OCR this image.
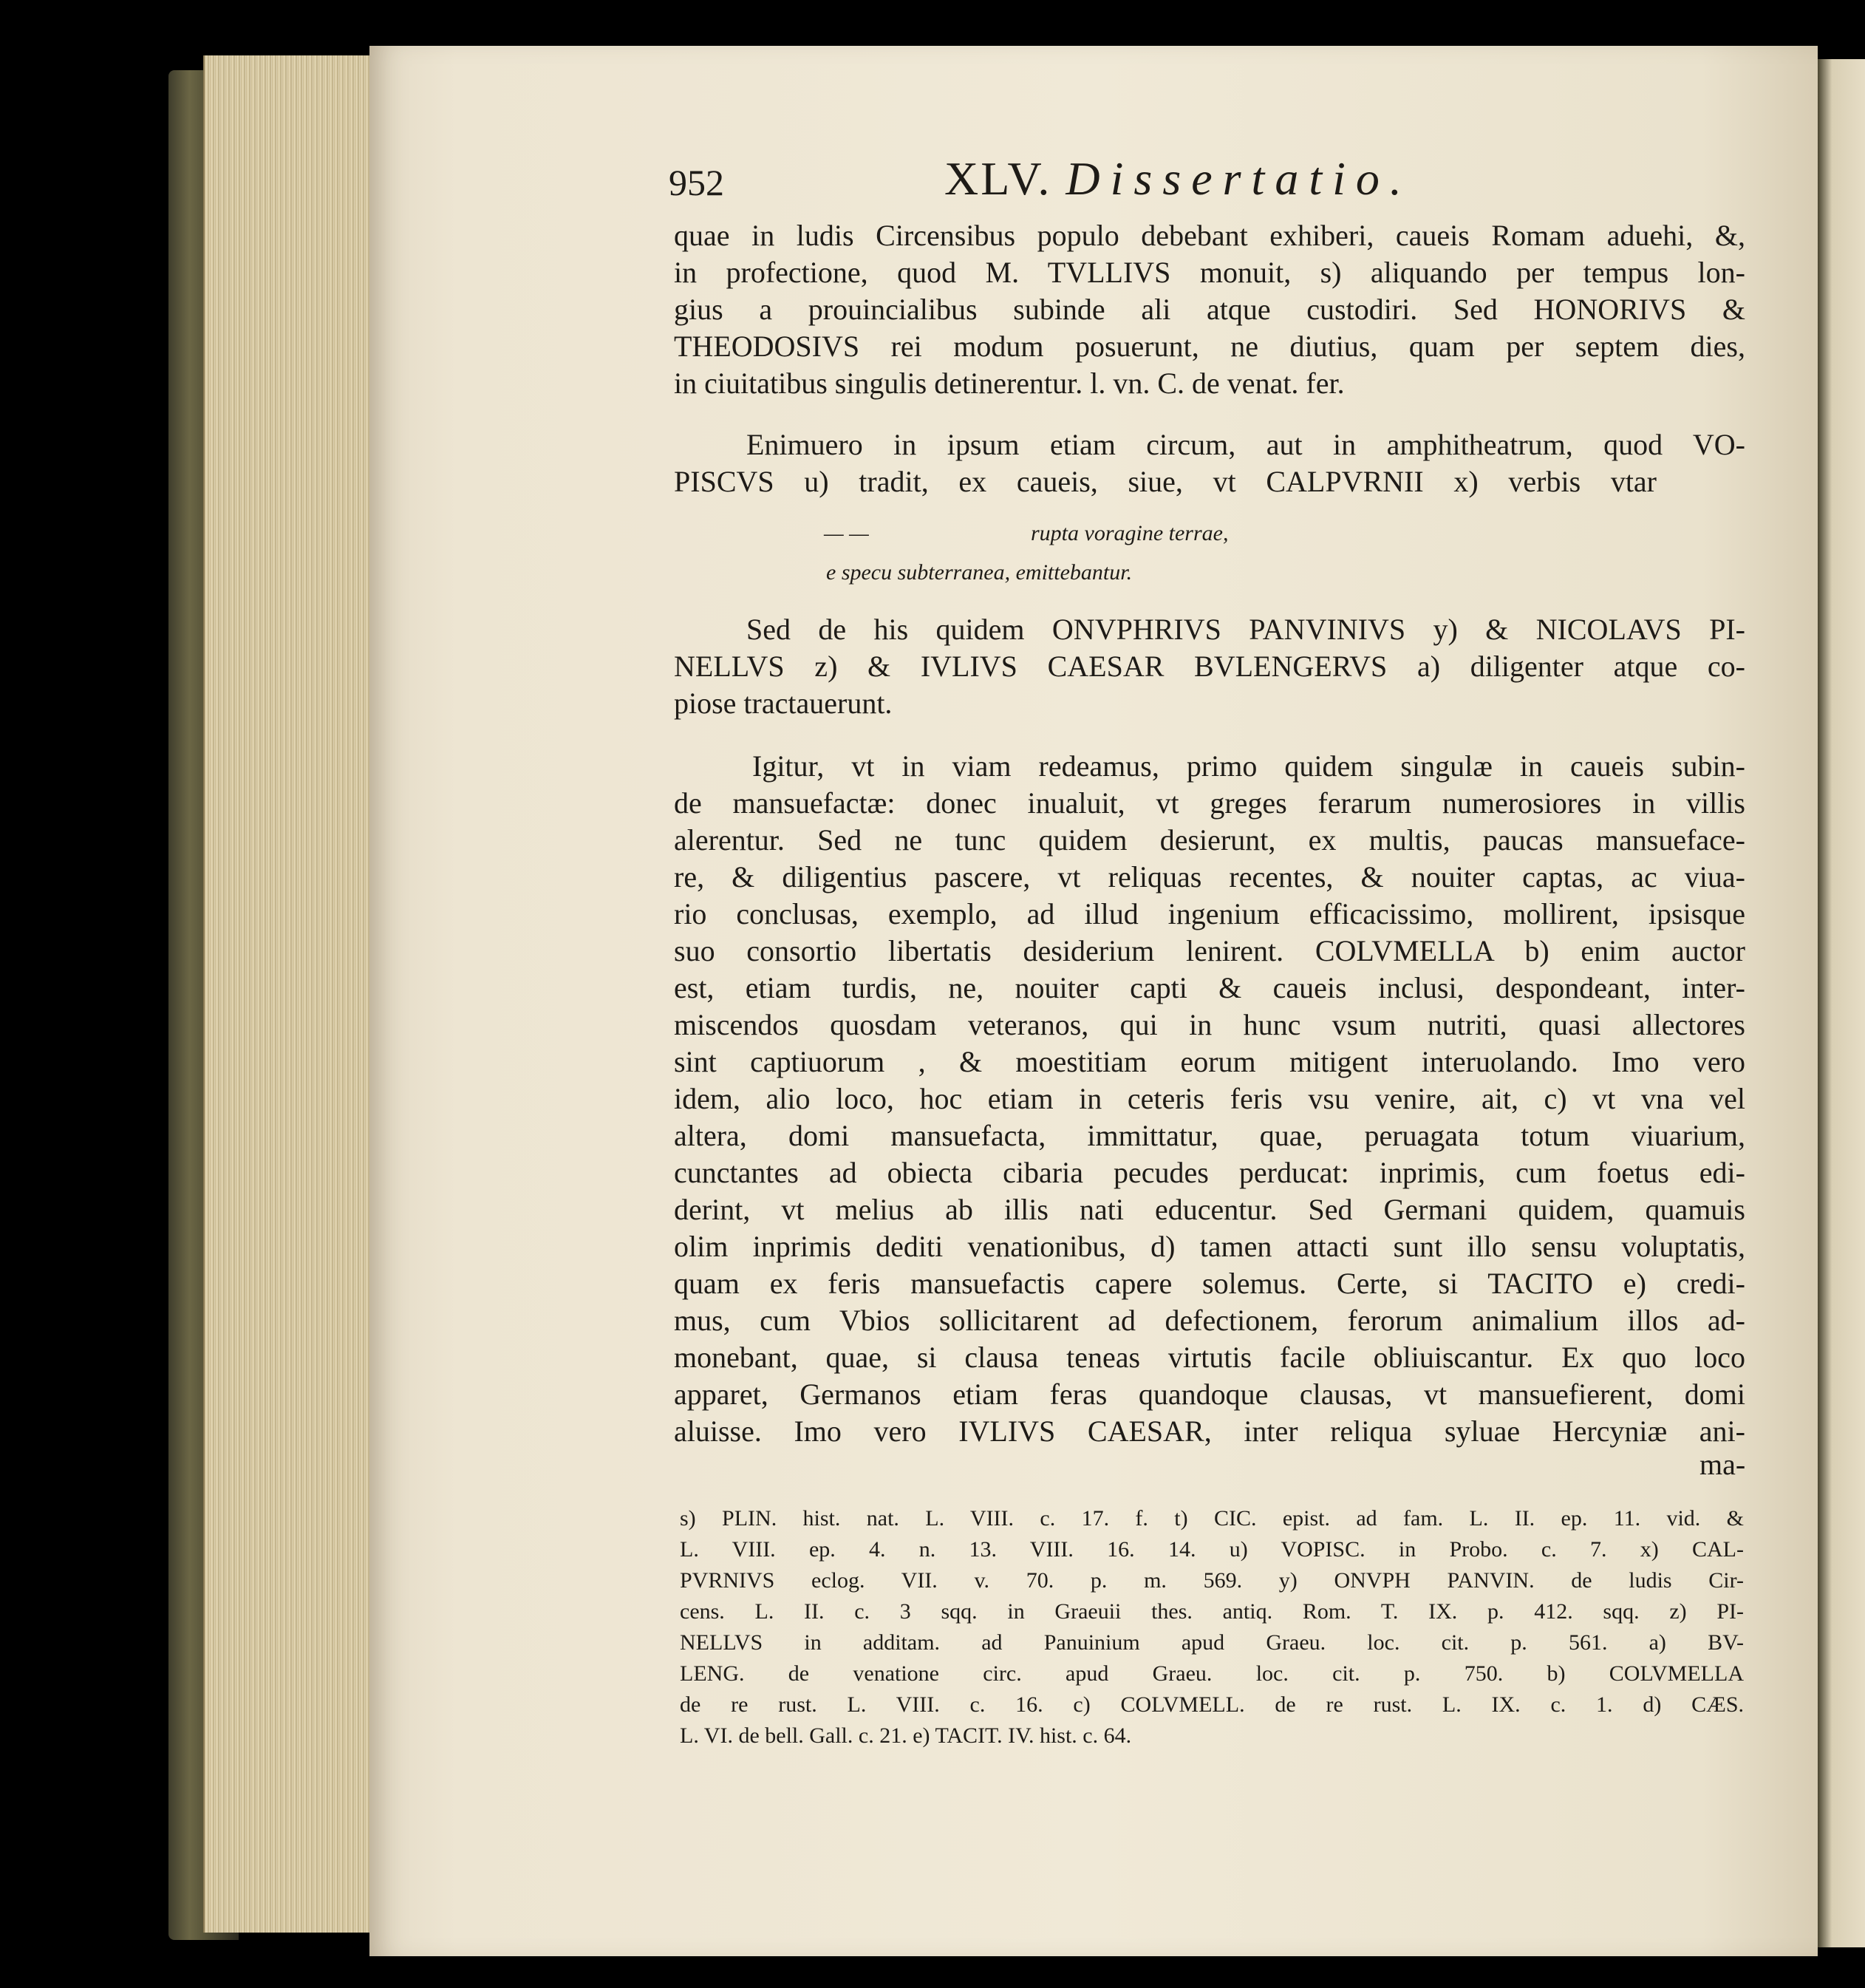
952	XLV. Dissertatio.
quae in ludis Circensibus populo debebant exhiberi, caueis Romam aduehi, &,
in profectione, quod M. TVLLIVS monuit, s) aliquando per tempus lon-
gius a prouincialibus subinde ali atque custodiri. Sed HONORIVS &
THEODOSIVS rei modum posuerunt, ne diutius, quam per septem dies,
in ciuitatibus singulis detinerentur. l. vn. C. de venat. fer.
Enimuero in ipsum etiam circum, aut in amphitheatrum, quod VO-
PISCVS u) tradit, ex caueis, siue, vt CALPVRNII x) verbis vtar
— —	rupta voragine terrae,
e specu subterranea, emittebantur.
Sed de his quidem ONVPHRIVS PANVINIVS y) & NICOLAVS PI-
NELLVS z) & IVLIVS CAESAR BVLENGERVS a) diligenter atque co-
piose tractauerunt.
Igitur, vt in viam redeamus, primo quidem singulæ in caueis subin-
de mansuefactæ: donec inualuit, vt greges ferarum numerosiores in villis
alerentur. Sed ne tunc quidem desierunt, ex multis, paucas mansueface-
re, & diligentius pascere, vt reliquas recentes, & nouiter captas, ac viua-
rio conclusas, exemplo, ad illud ingenium efficacissimo, mollirent, ipsisque
suo consortio libertatis desiderium lenirent. COLVMELLA b) enim auctor
est, etiam turdis, ne, nouiter capti & caueis inclusi, despondeant, inter-
miscendos quosdam veteranos, qui in hunc vsum nutriti, quasi allectores
sint captiuorum , & moestitiam eorum mitigent interuolando. Imo vero
idem, alio loco, hoc etiam in ceteris feris vsu venire, ait, c) vt vna vel
altera, domi mansuefacta, immittatur, quae, peruagata totum viuarium,
cunctantes ad obiecta cibaria pecudes perducat: inprimis, cum foetus edi-
derint, vt melius ab illis nati educentur. Sed Germani quidem, quamuis
olim inprimis dediti venationibus, d) tamen attacti sunt illo sensu voluptatis,
quam ex feris mansuefactis capere solemus. Certe, si TACITO e) credi-
mus, cum Vbios sollicitarent ad defectionem, ferorum animalium illos ad-
monebant, quae, si clausa teneas virtutis facile obliuiscantur. Ex quo loco
apparet, Germanos etiam feras quandoque clausas, vt mansuefierent, domi
aluisse. Imo vero IVLIVS CAESAR, inter reliqua syluae Hercyniæ ani-
ma-
s) PLIN. hist. nat. L. VIII. c. 17. f. t) CIC. epist. ad fam. L. II. ep. 11. vid. &
L. VIII. ep. 4. n. 13. VIII. 16. 14. u) VOPISC. in Probo. c. 7. x) CAL-
PVRNIVS eclog. VII. v. 70. p. m. 569. y) ONVPH PANVIN. de ludis Cir-
cens. L. II. c. 3 sqq. in Graeuii thes. antiq. Rom. T. IX. p. 412. sqq. z) PI-
NELLVS in additam. ad Panuinium apud Graeu. loc. cit. p. 561. a) BV-
LENG. de venatione circ. apud Graeu. loc. cit. p. 750. b) COLVMELLA
de re rust. L. VIII. c. 16. c) COLVMELL. de re rust. L. IX. c. 1. d) CÆS.
L. VI. de bell. Gall. c. 21. e) TACIT. IV. hist. c. 64.
